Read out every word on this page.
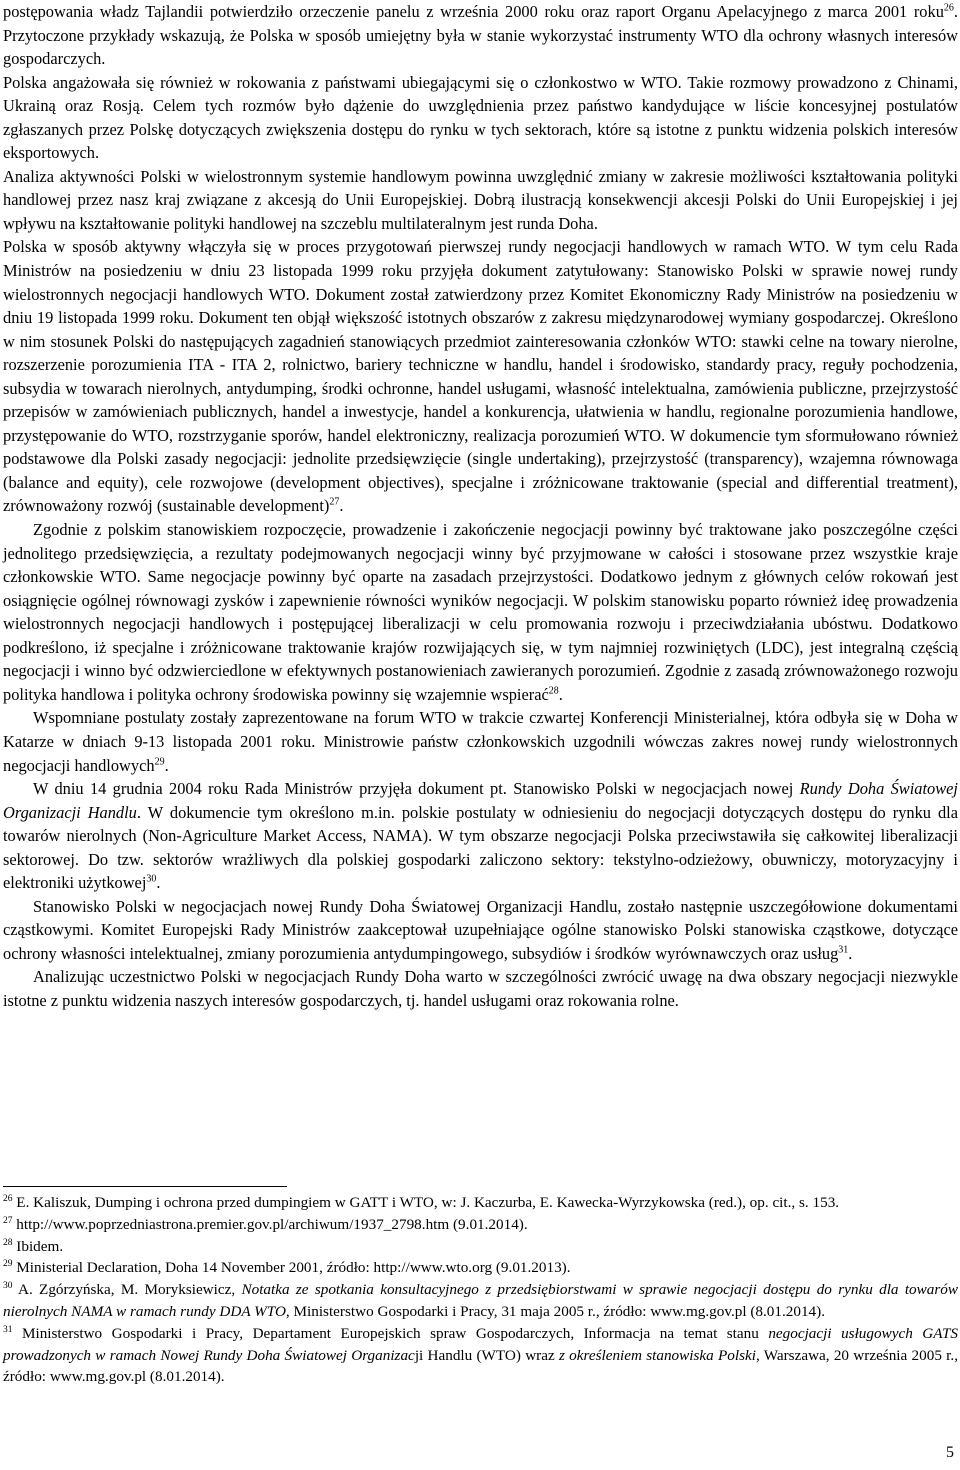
postępowania władz Tajlandii potwierdziło orzeczenie panelu z września 2000 roku oraz raport Organu Apelacyjnego z marca 2001 roku$^{26}$. Przytoczone przykłady wskazują, że Polska w sposób umiejętny była w stanie wykorzystać instrumenty WTO dla ochrony własnych interesów gospodarczych.

Polska angażowała się również w rokowania z państwami ubiegającymi się o członkostwo w WTO. Takie rozmowy prowadzono z Chinami, Ukrainą oraz Rosją. Celem tych rozmów było dążenie do uwzględnienia przez państwo kandydujące w liście koncesyjnej postulatów zgłaszanych przez Polskę dotyczących zwiększenia dostępu do rynku w tych sektorach, które są istotne z punktu widzenia polskich interesów eksportowych.

Analiza aktywności Polski w wielostronnym systemie handlowym powinna uwzględnić zmiany w zakresie możliwości kształtowania polityki handlowej przez nasz kraj związane z akcesją do Unii Europejskiej. Dobrą ilustracją konsekwencji akcesji Polski do Unii Europejskiej i jej wpływu na kształtowanie polityki handlowej na szczeblu multilateralnym jest runda Doha.

Polska w sposób aktywny włączyła się w proces przygotowań pierwszej rundy negocjacji handlowych w ramach WTO. W tym celu Rada Ministrów na posiedzeniu w dniu 23 listopada 1999 roku przyjęła dokument zatytułowany: Stanowisko Polski w sprawie nowej rundy wielostronnych negocjacji handlowych WTO. Dokument został zatwierdzony przez Komitet Ekonomiczny Rady Ministrów na posiedzeniu w dniu 19 listopada 1999 roku. Dokument ten objął większość istotnych obszarów z zakresu międzynarodowej wymiany gospodarczej. Określono w nim stosunek Polski do następujących zagadnień stanowiących przedmiot zainteresowania członków WTO: stawki celne na towary nierolne, rozszerzenie porozumienia ITA - ITA 2, rolnictwo, bariery techniczne w handlu, handel i środowisko, standardy pracy, reguły pochodzenia, subsydia w towarach nierolnych, antydumping, środki ochronne, handel usługami, własność intelektualna, zamówienia publiczne, przejrzystość przepisów w zamówieniach publicznych, handel a inwestycje, handel a konkurencja, ułatwienia w handlu, regionalne porozumienia handlowe, przystępowanie do WTO, rozstrzyganie sporów, handel elektroniczny, realizacja porozumień WTO. W dokumencie tym sformułowano również podstawowe dla Polski zasady negocjacji: jednolite przedsięwzięcie (single undertaking), przejrzystość (transparency), wzajemna równowaga (balance and equity), cele rozwojowe (development objectives), specjalne i zróżnicowane traktowanie (special and differential treatment), zrównoważony rozwój (sustainable development)$^{27}$.

Zgodnie z polskim stanowiskiem rozpoczęcie, prowadzenie i zakończenie negocjacji powinny być traktowane jako poszczególne części jednolitego przedsięwzięcia, a rezultaty podejmowanych negocjacji winny być przyjmowane w całości i stosowane przez wszystkie kraje członkowskie WTO. Same negocjacje powinny być oparte na zasadach przejrzystości. Dodatkowo jednym z głównych celów rokowań jest osiągnięcie ogólnej równowagi zysków i zapewnienie równości wyników negocjacji. W polskim stanowisku poparto również ideę prowadzenia wielostronnych negocjacji handlowych i postępującej liberalizacji w celu promowania rozwoju i przeciwdziałania ubóstwu. Dodatkowo podkreślono, iż specjalne i zróżnicowane traktowanie krajów rozwijających się, w tym najmniej rozwiniętych (LDC), jest integralną częścią negocjacji i winno być odzwierciedlone w efektywnych postanowieniach zawieranych porozumień. Zgodnie z zasadą zrównoważonego rozwoju polityka handlowa i polityka ochrony środowiska powinny się wzajemnie wspierać$^{28}$.

Wspomniane postulaty zostały zaprezentowane na forum WTO w trakcie czwartej Konferencji Ministerialnej, która odbyła się w Doha w Katarze w dniach 9-13 listopada 2001 roku. Ministrowie państw członkowskich uzgodnili wówczas zakres nowej rundy wielostronnych negocjacji handlowych$^{29}$.

W dniu 14 grudnia 2004 roku Rada Ministrów przyjęła dokument pt. Stanowisko Polski w negocjacjach nowej Rundy Doha Światowej Organizacji Handlu. W dokumencie tym określono m.in. polskie postulaty w odniesieniu do negocjacji dotyczących dostępu do rynku dla towarów nierolnych (Non-Agriculture Market Access, NAMA). W tym obszarze negocjacji Polska przeciwstawiła się całkowitej liberalizacji sektorowej. Do tzw. sektorów wrażliwych dla polskiej gospodarki zaliczono sektory: tekstylno-odzieżowy, obuwniczy, motoryzacyjny i elektroniki użytkowej$^{30}$.

Stanowisko Polski w negocjacjach nowej Rundy Doha Światowej Organizacji Handlu, zostało następnie uszczegółowione dokumentami cząstkowymi. Komitet Europejski Rady Ministrów zaakceptował uzupełniające ogólne stanowisko Polski stanowiska cząstkowe, dotyczące ochrony własności intelektualnej, zmiany porozumienia antydumpingowego, subsydiów i środków wyrównawczych oraz usług$^{31}$.

Analizując uczestnictwo Polski w negocjacjach Rundy Doha warto w szczególności zwrócić uwagę na dwa obszary negocjacji niezwykle istotne z punktu widzenia naszych interesów gospodarczych, tj. handel usługami oraz rokowania rolne.

$^{26}$ E. Kaliszuk, Dumping i ochrona przed dumpingiem w GATT i WTO, w: J. Kaczurba, E. Kawecka-Wyrzykowska (red.), op. cit., s. 153.

$^{27}$ http://www.poprzedniastrona.premier.gov.pl/archiwum/1937_2798.htm (9.01.2014).

$^{28}$ Ibidem.

$^{29}$ Ministerial Declaration, Doha 14 November 2001, źródło: http://www.wto.org (9.01.2013).

$^{30}$ A. Zgórzyńska, M. Moryksiewicz, Notatka ze spotkania konsultacyjnego z przedsiębiorstwami w sprawie negocjacji dostępu do rynku dla towarów nierolnych NAMA w ramach rundy DDA WTO, Ministerstwo Gospodarki i Pracy, 31 maja 2005 r., źródło: www.mg.gov.pl (8.01.2014).

$^{31}$ Ministerstwo Gospodarki i Pracy, Departament Europejskich spraw Gospodarczych, Informacja na temat stanu negocjacji usługowych GATS prowadzonych w ramach Nowej Rundy Doha Światowej Organizacji Handlu (WTO) wraz z określeniem stanowiska Polski, Warszawa, 20 września 2005 r., źródło: www.mg.gov.pl (8.01.2014).

5
